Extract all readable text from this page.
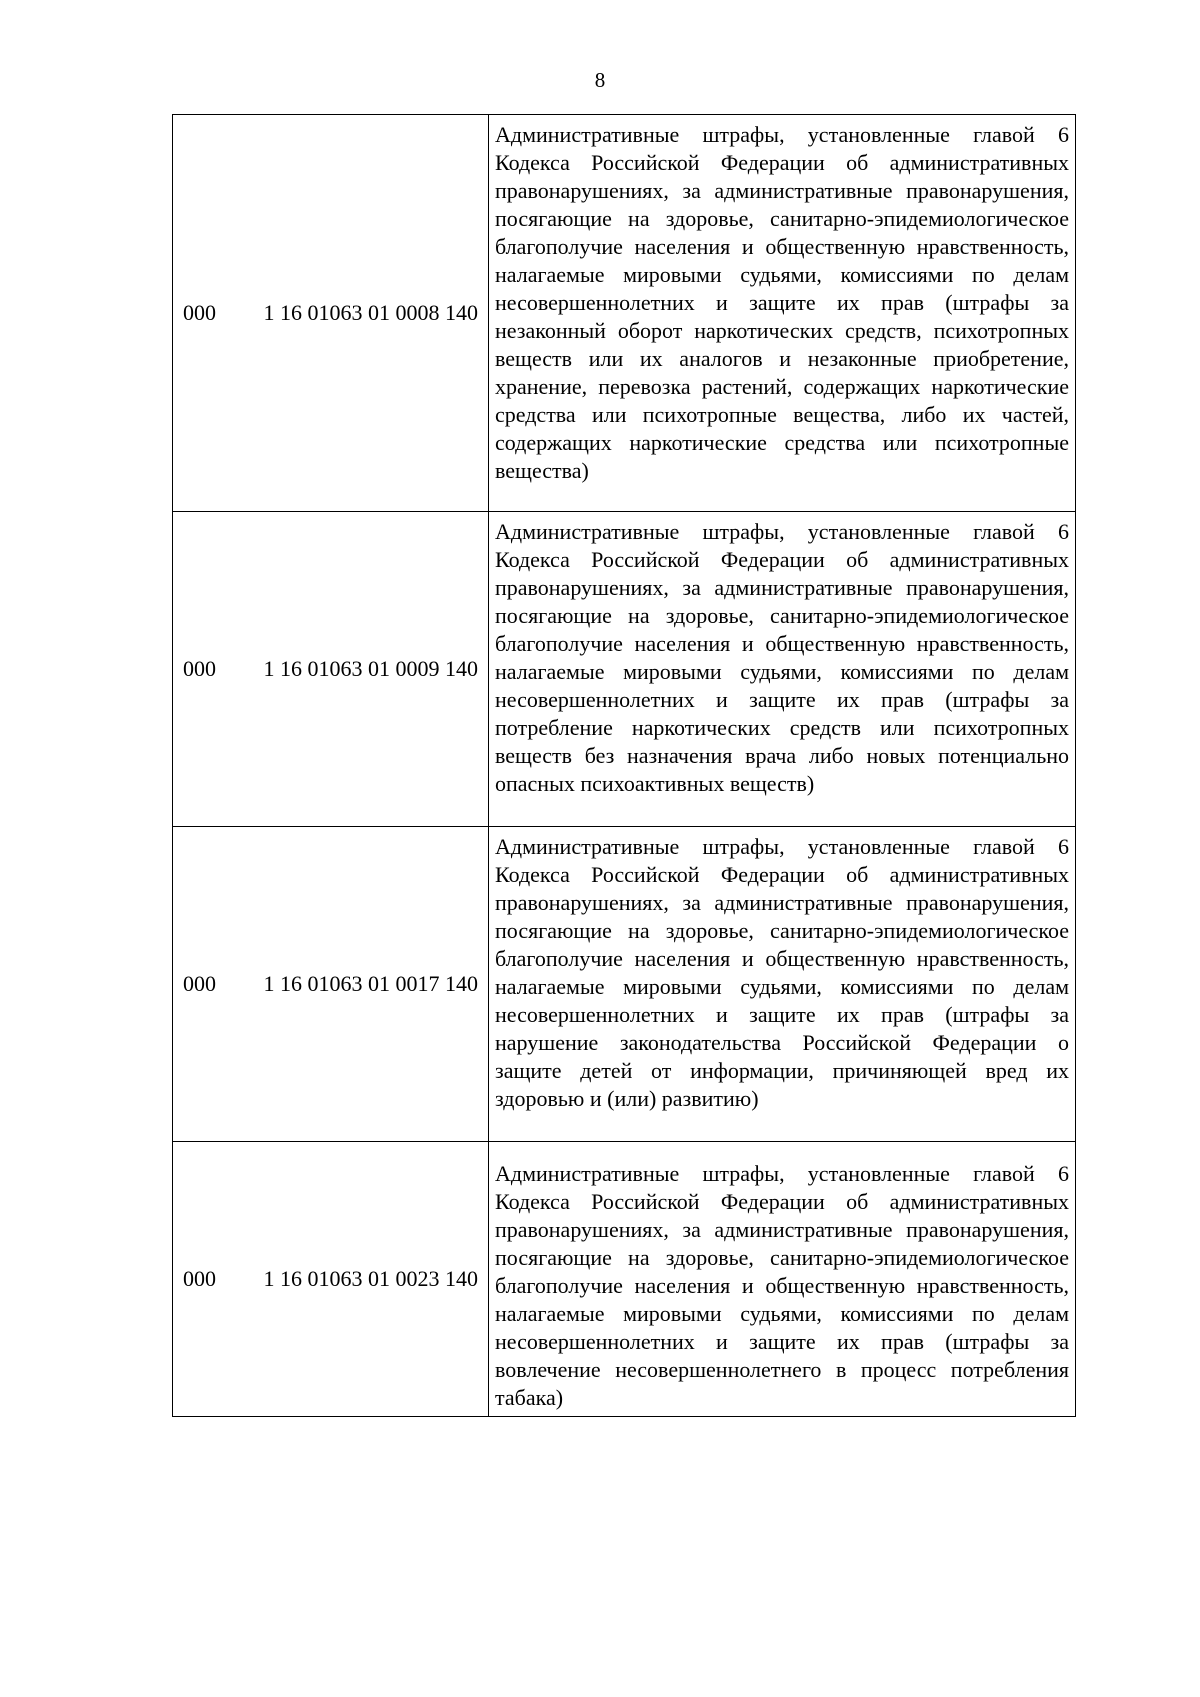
8
000 1 16 01063 01 0008 140	Административные штрафы, установленные главой 6 Кодекса Российской Федерации об административных правонарушениях, за административные правонарушения, посягающие на здоровье, санитарно-эпидемиологическое благополучие населения и общественную нравственность, налагаемые мировыми судьями, комиссиями по делам несовершеннолетних и защите их прав (штрафы за незаконный оборот наркотических средств, психотропных веществ или их аналогов и незаконные приобретение, хранение, перевозка растений, содержащих наркотические средства или психотропные вещества, либо их частей, содержащих наркотические средства или психотропные вещества)

000 1 16 01063 01 0009 140	Административные штрафы, установленные главой 6 Кодекса Российской Федерации об административных правонарушениях, за административные правонарушения, посягающие на здоровье, санитарно-эпидемиологическое благополучие населения и общественную нравственность, налагаемые мировыми судьями, комиссиями по делам несовершеннолетних и защите их прав (штрафы за потребление наркотических средств или психотропных веществ без назначения врача либо новых потенциально опасных психоактивных веществ)

000 1 16 01063 01 0017 140	Административные штрафы, установленные главой 6 Кодекса Российской Федерации об административных правонарушениях, за административные правонарушения, посягающие на здоровье, санитарно-эпидемиологическое благополучие населения и общественную нравственность, налагаемые мировыми судьями, комиссиями по делам несовершеннолетних и защите их прав (штрафы за нарушение законодательства Российской Федерации о защите детей от информации, причиняющей вред их здоровью и (или) развитию)

000 1 16 01063 01 0023 140	Административные штрафы, установленные главой 6 Кодекса Российской Федерации об административных правонарушениях, за административные правонарушения, посягающие на здоровье, санитарно-эпидемиологическое благополучие населения и общественную нравственность, налагаемые мировыми судьями, комиссиями по делам несовершеннолетних и защите их прав (штрафы за вовлечение несовершеннолетнего в процесс потребления табака)
